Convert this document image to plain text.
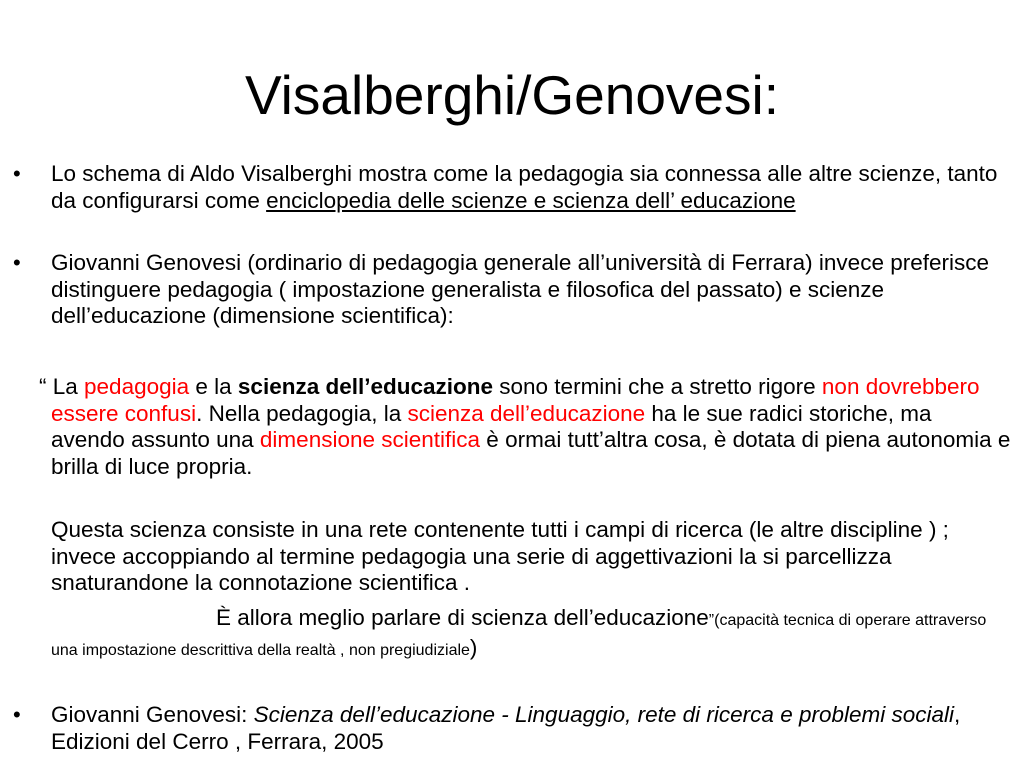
Visalberghi/Genovesi:
•	Lo schema di Aldo Visalberghi mostra come la pedagogia sia connessa alle altre scienze, tanto da configurarsi come enciclopedia delle scienze e scienza dell’ educazione
•	Giovanni Genovesi (ordinario di pedagogia generale all’università di Ferrara) invece preferisce distinguere pedagogia ( impostazione generalista e filosofica del passato) e scienze dell’educazione (dimensione scientifica):
“ La pedagogia e la scienza dell’educazione sono termini che a stretto rigore non dovrebbero essere confusi. Nella pedagogia, la scienza dell’educazione ha le sue radici storiche, ma avendo assunto una dimensione scientifica è ormai tutt’altra cosa, è dotata di piena autonomia e brilla di luce propria.
Questa scienza consiste in una rete contenente tutti i campi di ricerca (le altre discipline ) ; invece accoppiando al termine pedagogia una serie di aggettivazioni la si parcellizza snaturandone la connotazione scientifica .
È allora meglio parlare di scienza dell’educazione”(capacità tecnica di operare attraverso una impostazione descrittiva della realtà , non pregiudiziale)
•	Giovanni Genovesi: Scienza dell’educazione - Linguaggio, rete di ricerca e problemi sociali, Edizioni del Cerro , Ferrara, 2005
